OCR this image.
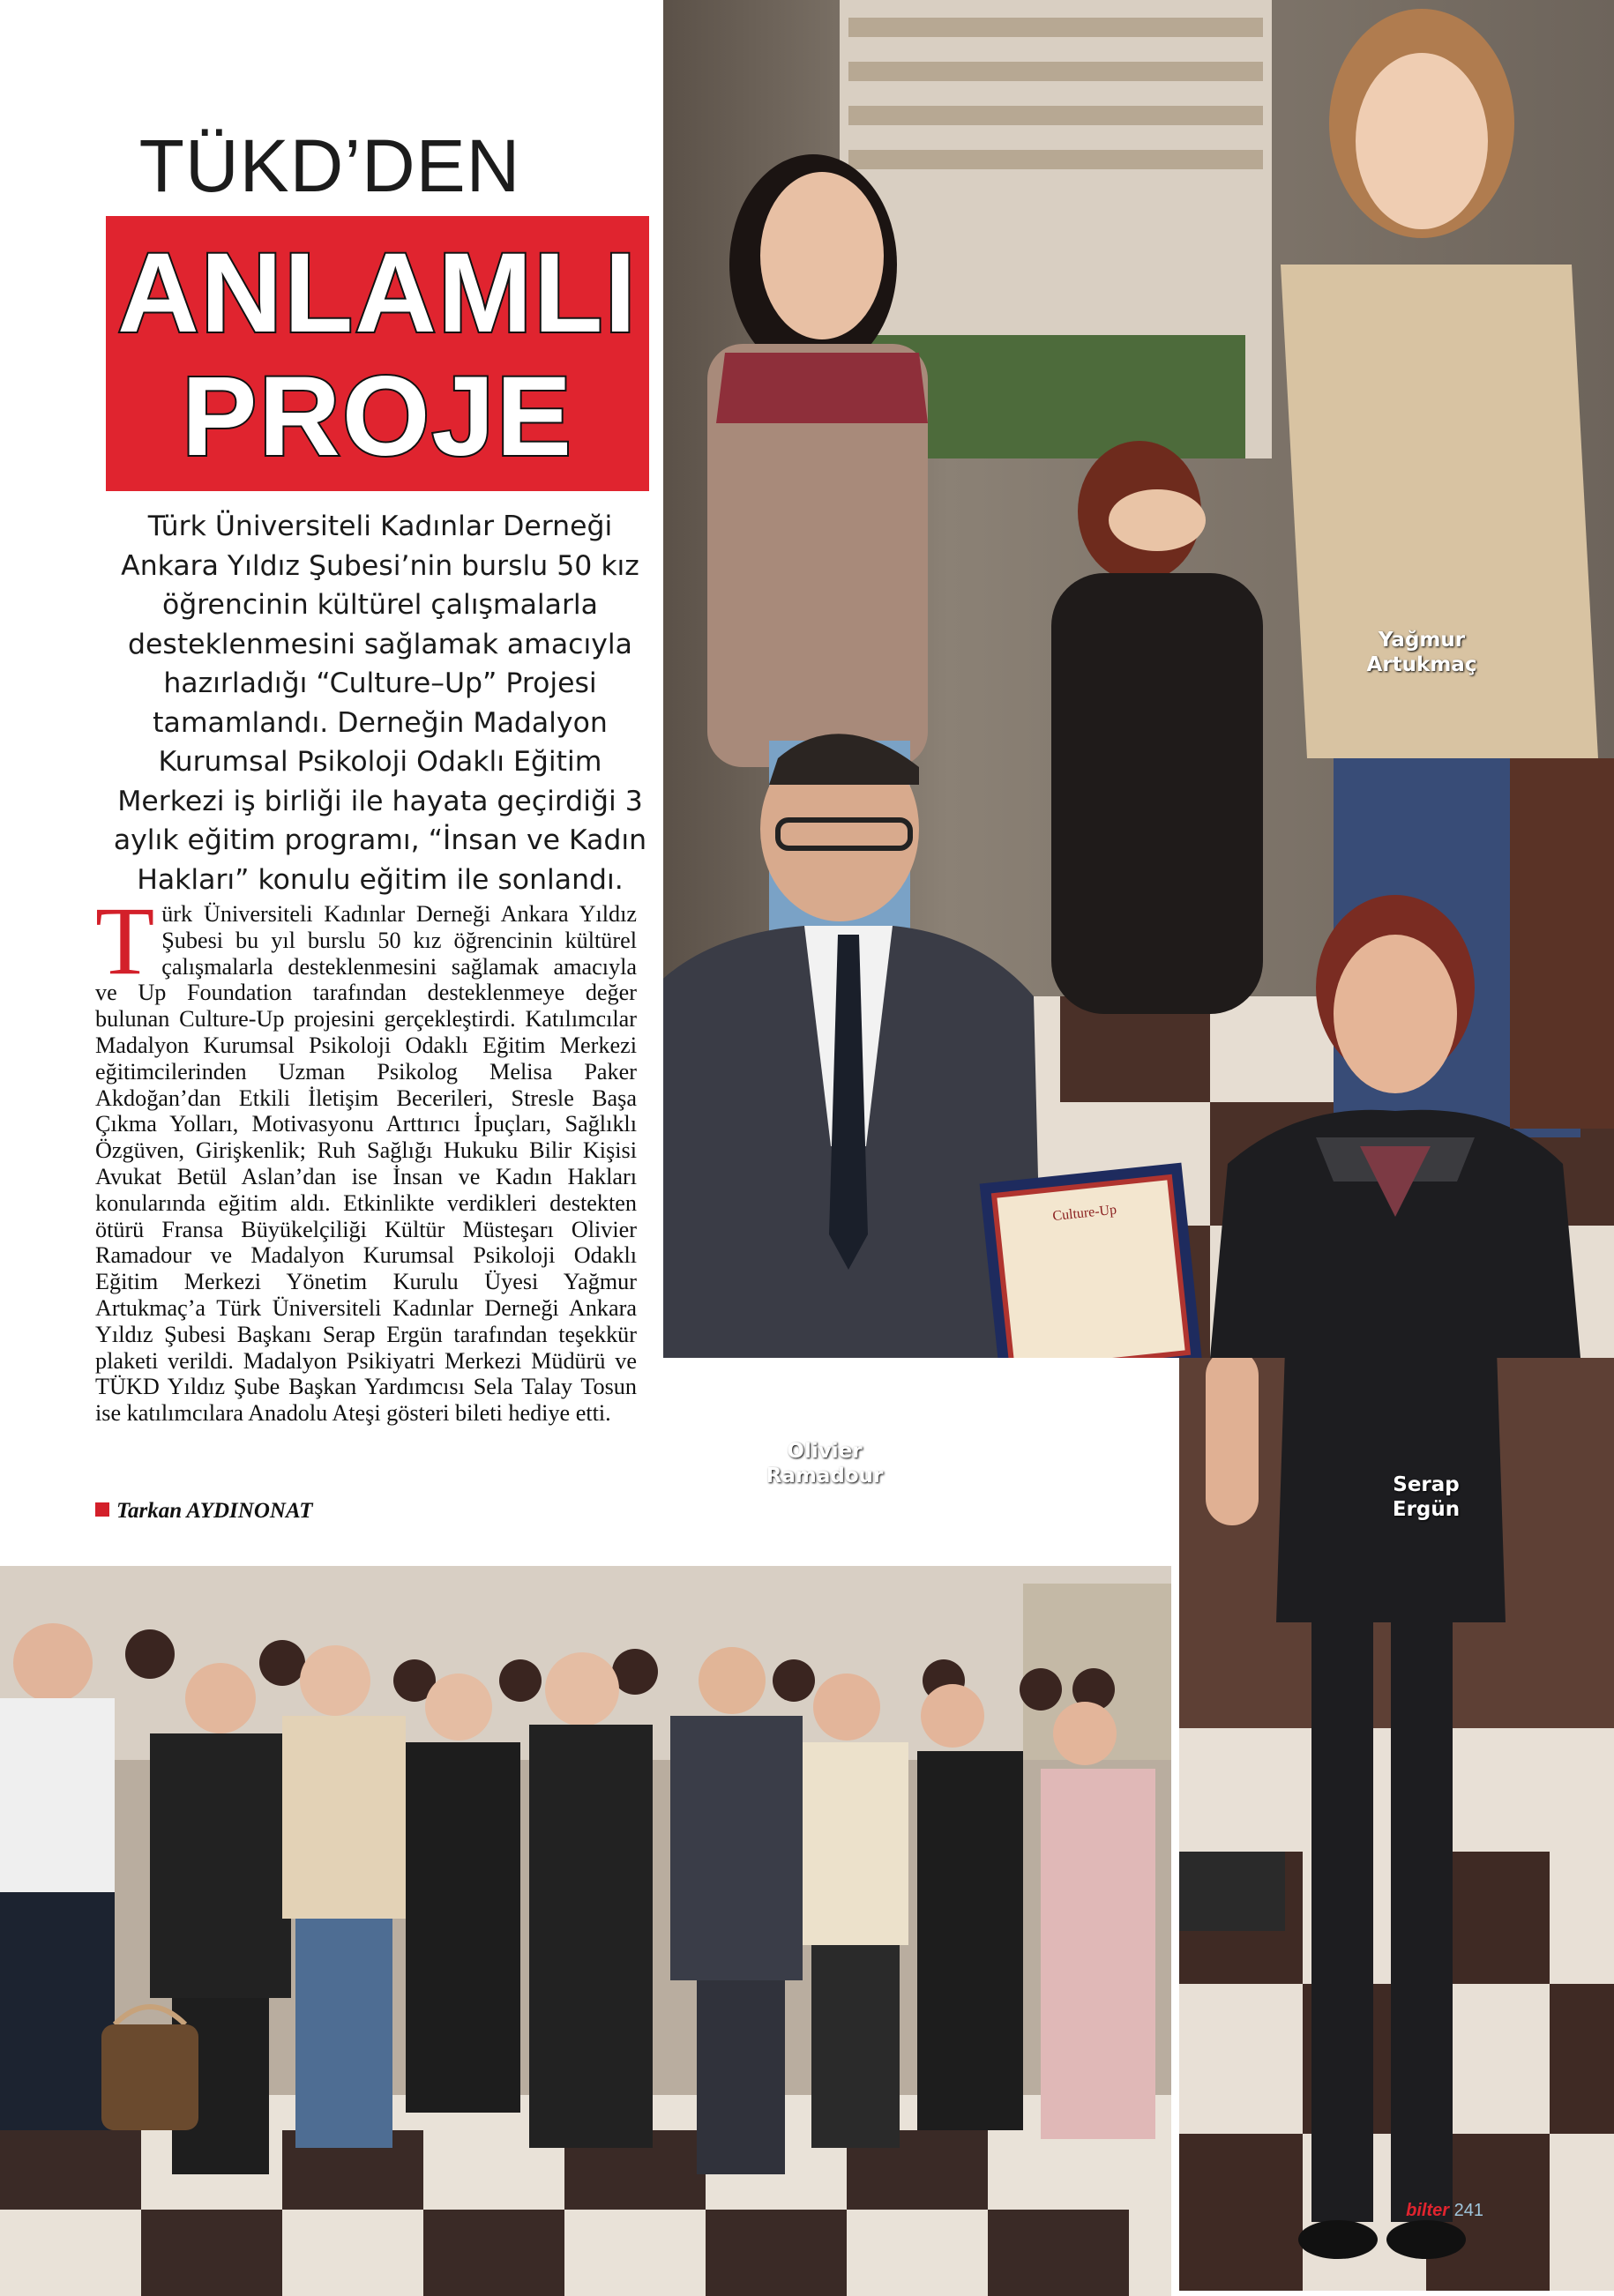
TÜKD’DEN
ANLAMLI
PROJE
Türk Üniversiteli Kadınlar Derneği Ankara Yıldız Şubesi’nin burslu 50 kız öğrencinin kültürel çalışmalarla desteklenmesini sağlamak amacıyla hazırladığı “Culture–Up” Projesi tamamlandı. Derneğin Madalyon Kurumsal Psikoloji Odaklı Eğitim Merkezi iş birliği ile hayata geçirdiği 3 aylık eğitim programı, “İnsan ve Kadın Hakları” konulu eğitim ile sonlandı.
Türk Üniversiteli Kadınlar Derneği Ankara Yıldız Şubesi bu yıl burslu 50 kız öğrencinin kültürel çalışmalarla desteklenmesini sağlamak amacıyla ve Up Foundation tarafından desteklenmeye değer bulunan Culture-Up projesini gerçekleştirdi. Katılımcılar Madalyon Kurumsal Psikoloji Odaklı Eğitim Merkezi eğitimcilerinden Uzman Psikolog Melisa Paker Akdoğan’dan Etkili İletişim Becerileri, Stresle Başa Çıkma Yolları, Motivasyonu Arttırıcı İpuçları, Sağlıklı Özgüven, Girişkenlik; Ruh Sağlığı Hukuku Bilir Kişisi Avukat Betül Aslan’dan ise İnsan ve Kadın Hakları konularında eğitim aldı. Etkinlikte verdikleri destekten ötürü Fransa Büyükelçiliği Kültür Müsteşarı Olivier Ramadour ve Madalyon Kurumsal Psikoloji Odaklı Eğitim Merkezi Yönetim Kurulu Üyesi Yağmur Artukmaç’a Türk Üniversiteli Kadınlar Derneği Ankara Yıldız Şubesi Başkanı Serap Ergün tarafından teşekkür plaketi verildi. Madalyon Psikiyatri Merkezi Müdürü ve TÜKD Yıldız Şube Başkan Yardımcısı Sela Talay Tosun ise katılımcılara Anadolu Ateşi gösteri bileti hediye etti.
Tarkan AYDINONAT
Culture-Up
Yağmur
Artukmaç
Olivier
Ramadour	Serap
Ergün
bilter 241
